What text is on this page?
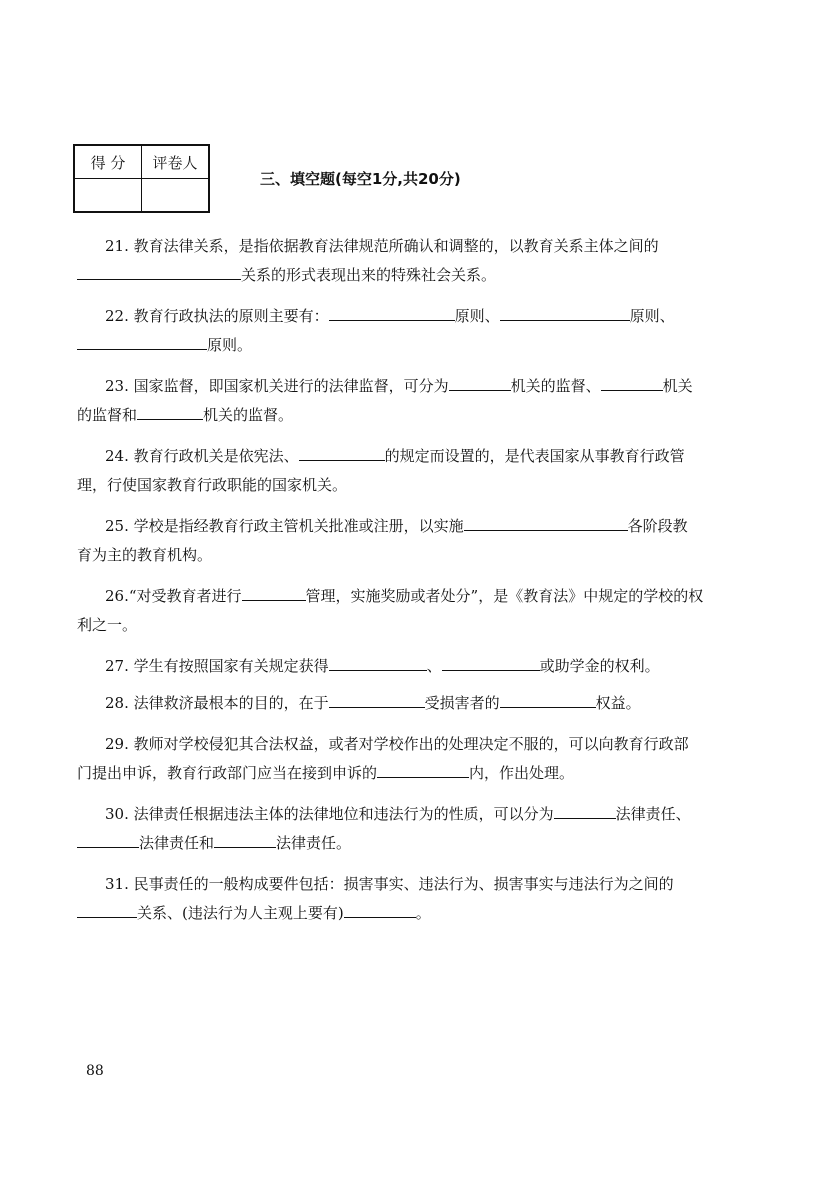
得 分	评卷人

三、填空题(每空1分,共20分)

21. 教育法律关系，是指依据教育法律规范所确认和调整的，以教育关系主体之间的
关系的形式表现出来的特殊社会关系。

22. 教育行政执法的原则主要有：	原则、	原则、
原则。

23. 国家监督，即国家机关进行的法律监督，可分为	机关的监督、	机关
的监督和	机关的监督。

24. 教育行政机关是依宪法、	的规定而设置的，是代表国家从事教育行政管
理，行使国家教育行政职能的国家机关。

25. 学校是指经教育行政主管机关批准或注册，以实施	各阶段教
育为主的教育机构。

26.“对受教育者进行	管理，实施奖励或者处分”，是《教育法》中规定的学校的权
利之一。

27. 学生有按照国家有关规定获得	、	或助学金的权利。

28. 法律救济最根本的目的，在于	受损害者的	权益。

29. 教师对学校侵犯其合法权益，或者对学校作出的处理决定不服的，可以向教育行政部
门提出申诉，教育行政部门应当在接到申诉的	内，作出处理。

30. 法律责任根据违法主体的法律地位和违法行为的性质，可以分为	法律责任、
法律责任和	法律责任。

31. 民事责任的一般构成要件包括：损害事实、违法行为、损害事实与违法行为之间的
关系、(违法行为人主观上要有)	。

88
